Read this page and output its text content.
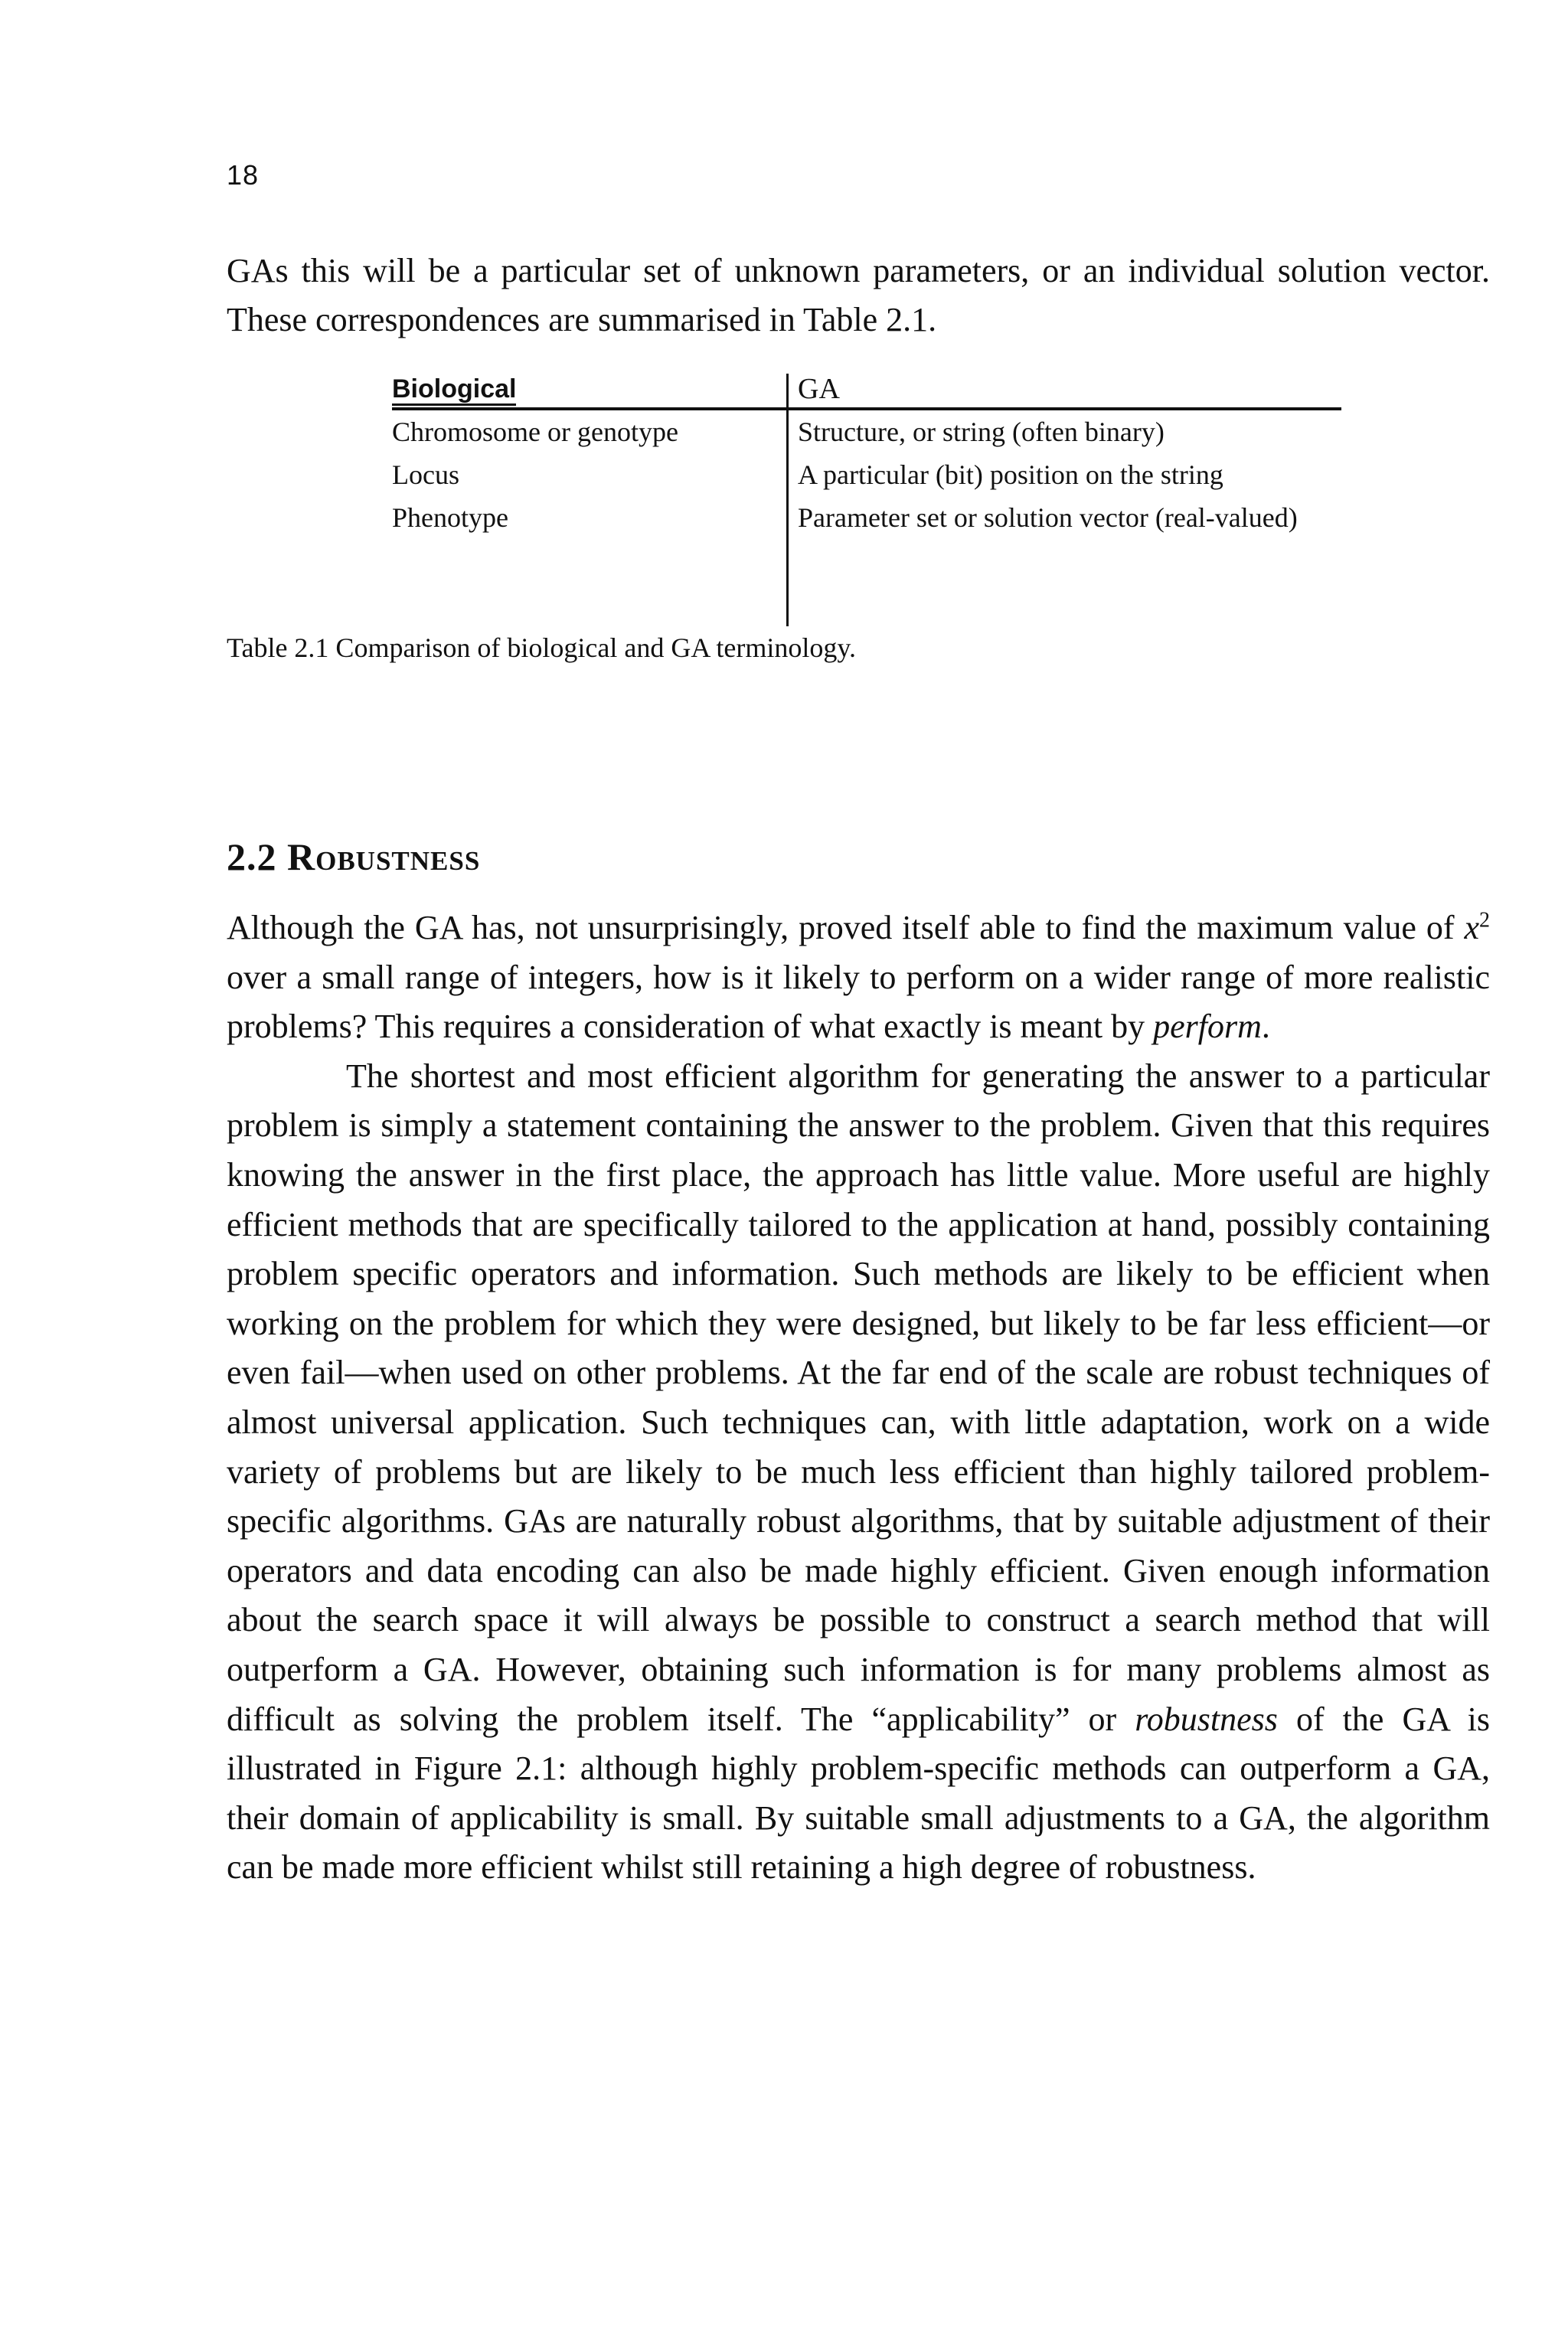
18
GAs this will be a particular set of unknown parameters, or an individual solution vector. These correspondences are summarised in Table 2.1.
Biological	GA
Chromosome or genotype	Structure, or string (often binary)
Locus	A particular (bit) position on the string
Phenotype	Parameter set or solution vector (real-valued)
Table 2.1 Comparison of biological and GA terminology.
2.2 Robustness

Although the GA has, not unsurprisingly, proved itself able to find the maximum value of $x^2$ over a small range of integers, how is it likely to perform on a wider range of more realistic problems? This requires a consideration of what exactly is meant by perform.

The shortest and most efficient algorithm for generating the answer to a particular problem is simply a statement containing the answer to the problem. Given that this requires knowing the answer in the first place, the approach has little value. More useful are highly efficient methods that are specifically tailored to the application at hand, possibly containing problem specific operators and information. Such methods are likely to be efficient when working on the problem for which they were designed, but likely to be far less efficient—or even fail—when used on other problems. At the far end of the scale are robust techniques of almost universal application. Such techniques can, with little adaptation, work on a wide variety of problems but are likely to be much less efficient than highly tailored problem-specific algorithms. GAs are naturally robust algorithms, that by suitable adjustment of their operators and data encoding can also be made highly efficient. Given enough information about the search space it will always be possible to construct a search method that will outperform a GA. However, obtaining such information is for many problems almost as difficult as solving the problem itself. The “applicability” or robustness of the GA is illustrated in Figure 2.1: although highly problem-specific methods can outperform a GA, their domain of applicability is small. By suitable small adjustments to a GA, the algorithm can be made more efficient whilst still retaining a high degree of robustness.
